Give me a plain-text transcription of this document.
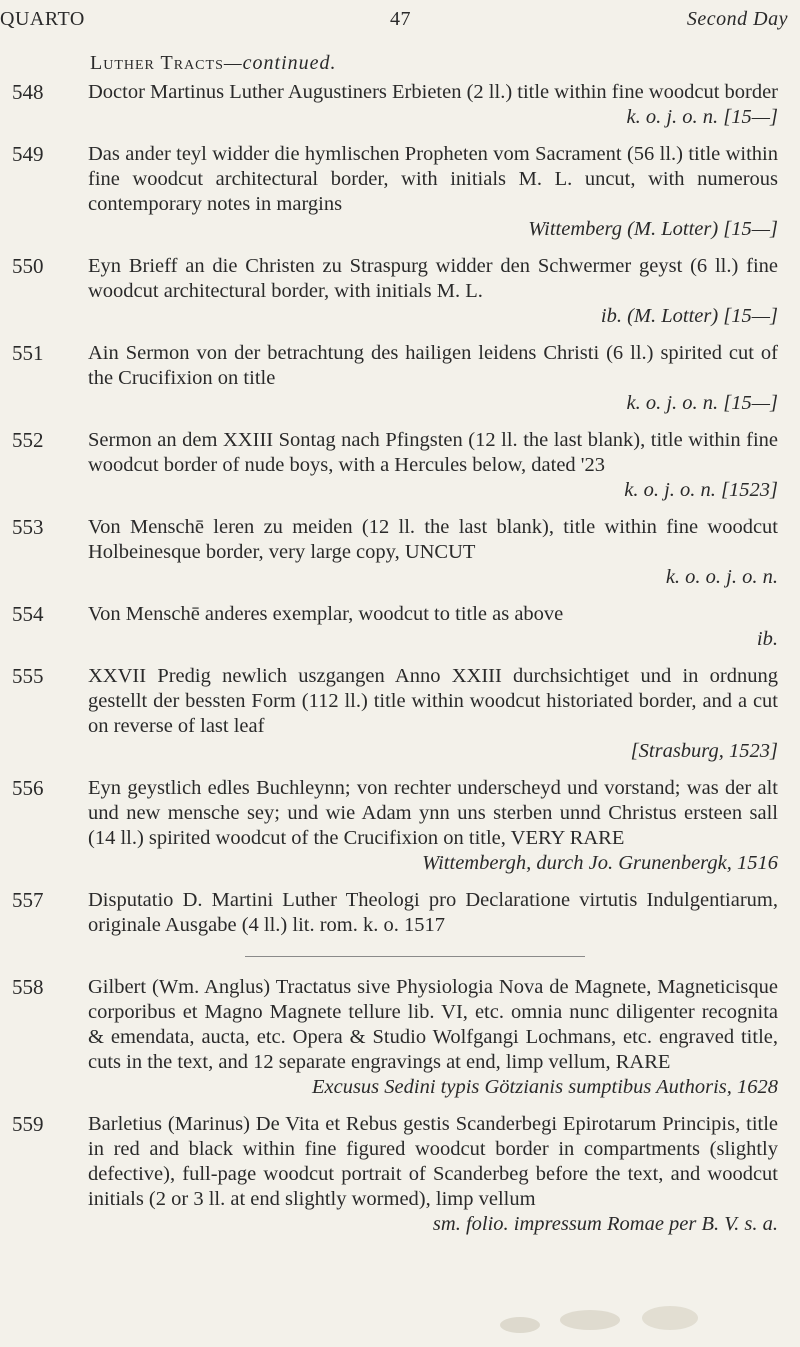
QUARTO	47	Second Day
Luther Tracts—continued.
548	Doctor Martinus Luther Augustiners Erbieten (2 ll.) title within fine woodcut border
k. o. j. o. n. [15—]
549	Das ander teyl widder die hymlischen Propheten vom Sacrament (56 ll.) title within fine woodcut architectural border, with initials M. L. uncut, with numerous contemporary notes in margins
Wittemberg (M. Lotter) [15—]
550	Eyn Brieff an die Christen zu Straspurg widder den Schwermer geyst (6 ll.) fine woodcut architectural border, with initials M. L.
ib. (M. Lotter) [15—]
551	Ain Sermon von der betrachtung des hailigen leidens Christi (6 ll.) spirited cut of the Crucifixion on title
k. o. j. o. n. [15—]
552	Sermon an dem XXIII Sontag nach Pfingsten (12 ll. the last blank), title within fine woodcut border of nude boys, with a Hercules below, dated '23
k. o. j. o. n. [1523]
553	Von Menschē leren zu meiden (12 ll. the last blank), title within fine woodcut Holbeinesque border, very large copy, UNCUT
k. o. o. j. o. n.
554	Von Menschē anderes exemplar, woodcut to title as above
ib.
555	XXVII Predig newlich uszgangen Anno XXIII durchsichtiget und in ordnung gestellt der bessten Form (112 ll.) title within woodcut historiated border, and a cut on reverse of last leaf
[Strasburg, 1523]
556	Eyn geystlich edles Buchleynn; von rechter underscheyd und vorstand; was der alt und new mensche sey; und wie Adam ynn uns sterben unnd Christus ersteen sall (14 ll.) spirited woodcut of the Crucifixion on title, VERY RARE
Wittembergh, durch Jo. Grunenbergk, 1516
557	Disputatio D. Martini Luther Theologi pro Declaratione virtutis Indulgentiarum, originale Ausgabe (4 ll.) lit. rom. k. o. 1517
558	Gilbert (Wm. Anglus) Tractatus sive Physiologia Nova de Magnete, Magneticisque corporibus et Magno Magnete tellure lib. VI, etc. omnia nunc diligenter recognita & emendata, aucta, etc. Opera & Studio Wolfgangi Lochmans, etc. engraved title, cuts in the text, and 12 separate engravings at end, limp vellum, RARE
Excusus Sedini typis Götzianis sumptibus Authoris, 1628
559	Barletius (Marinus) De Vita et Rebus gestis Scanderbegi Epirotarum Principis, title in red and black within fine figured woodcut border in compartments (slightly defective), full-page woodcut portrait of Scanderbeg before the text, and woodcut initials (2 or 3 ll. at end slightly wormed), limp vellum
sm. folio. impressum Romae per B. V. s. a.
